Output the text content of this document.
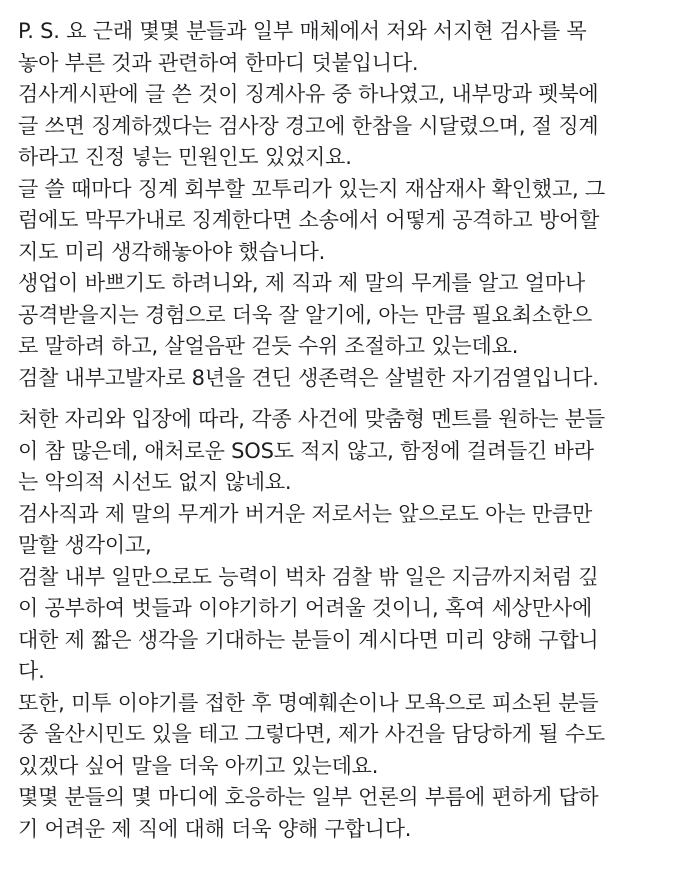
P. S. 요 근래 몇몇 분들과 일부 매체에서 저와 서지현 검사를 목
놓아 부른 것과 관련하여 한마디 덧붙입니다.

검사게시판에 글 쓴 것이 징계사유 중 하나였고, 내부망과 펫북에
글 쓰면 징계하겠다는 검사장 경고에 한참을 시달렸으며, 절 징계
하라고 진정 넣는 민원인도 있었지요.

글 쓸 때마다 징계 회부할 꼬투리가 있는지 재삼재사 확인했고, 그
럼에도 막무가내로 징계한다면 소송에서 어떻게 공격하고 방어할
지도 미리 생각해놓아야 했습니다.

생업이 바쁘기도 하려니와, 제 직과 제 말의 무게를 알고 얼마나
공격받을지는 경험으로 더욱 잘 알기에, 아는 만큼 필요최소한으
로 말하려 하고, 살얼음판 걷듯 수위 조절하고 있는데요.

검찰 내부고발자로 8년을 견딘 생존력은 살벌한 자기검열입니다.

처한 자리와 입장에 따라, 각종 사건에 맞춤형 멘트를 원하는 분들
이 참 많은데, 애처로운 SOS도 적지 않고, 함정에 걸려들긴 바라
는 악의적 시선도 없지 않네요.

검사직과 제 말의 무게가 버거운 저로서는 앞으로도 아는 만큼만
말할 생각이고,

검찰 내부 일만으로도 능력이 벅차 검찰 밖 일은 지금까지처럼 깊
이 공부하여 벗들과 이야기하기 어려울 것이니, 혹여 세상만사에
대한 제 짧은 생각을 기대하는 분들이 계시다면 미리 양해 구합니
다.

또한, 미투 이야기를 접한 후 명예훼손이나 모욕으로 피소된 분들
중 울산시민도 있을 테고 그렇다면, 제가 사건을 담당하게 될 수도
있겠다 싶어 말을 더욱 아끼고 있는데요.

몇몇 분들의 몇 마디에 호응하는 일부 언론의 부름에 편하게 답하
기 어려운 제 직에 대해 더욱 양해 구합니다.
